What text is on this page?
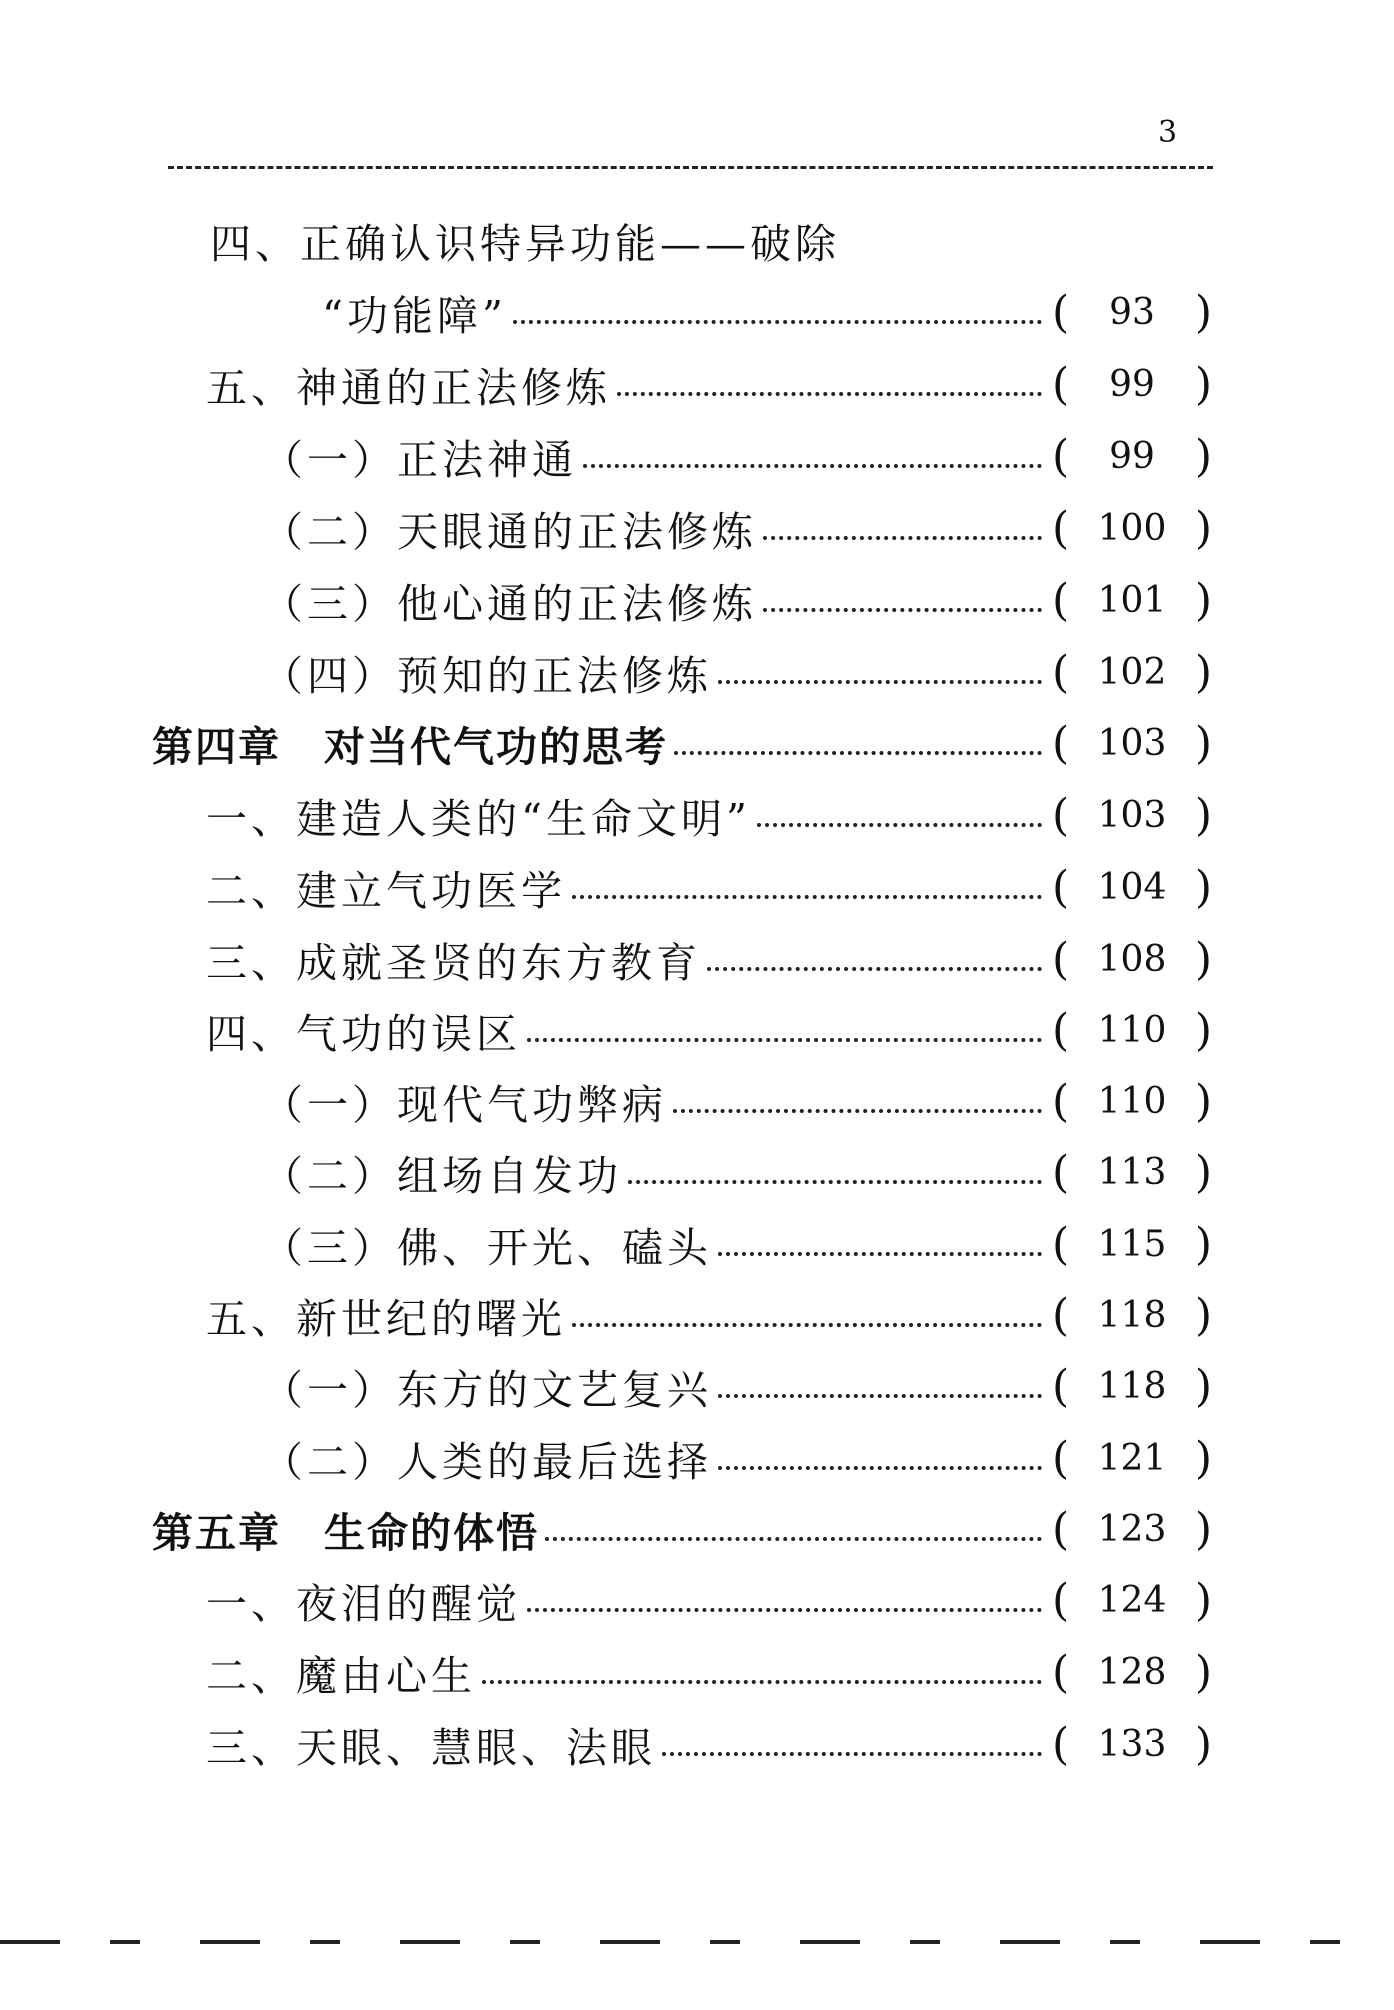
3
四、正确认识特异功能——破除
“功能障”	(	93 )
五、神通的正法修炼	(	99 )
（一）正法神通	(	99 )
（二）天眼通的正法修炼	( 100 )
（三）他心通的正法修炼	( 101 )
（四）预知的正法修炼	( 102 )
第四章　对当代气功的思考	( 103 )
一、建造人类的“生命文明”	( 103 )
二、建立气功医学	( 104 )
三、成就圣贤的东方教育	( 108 )
四、气功的误区	( 110 )
（一）现代气功弊病	( 110 )
（二）组场自发功	( 113 )
（三）佛、开光、磕头	( 115 )
五、新世纪的曙光	( 118 )
（一）东方的文艺复兴	( 118 )
（二）人类的最后选择	( 121 )
第五章　生命的体悟	( 123 )
一、夜泪的醒觉	( 124 )
二、魔由心生	( 128 )
三、天眼、慧眼、法眼	( 133 )
